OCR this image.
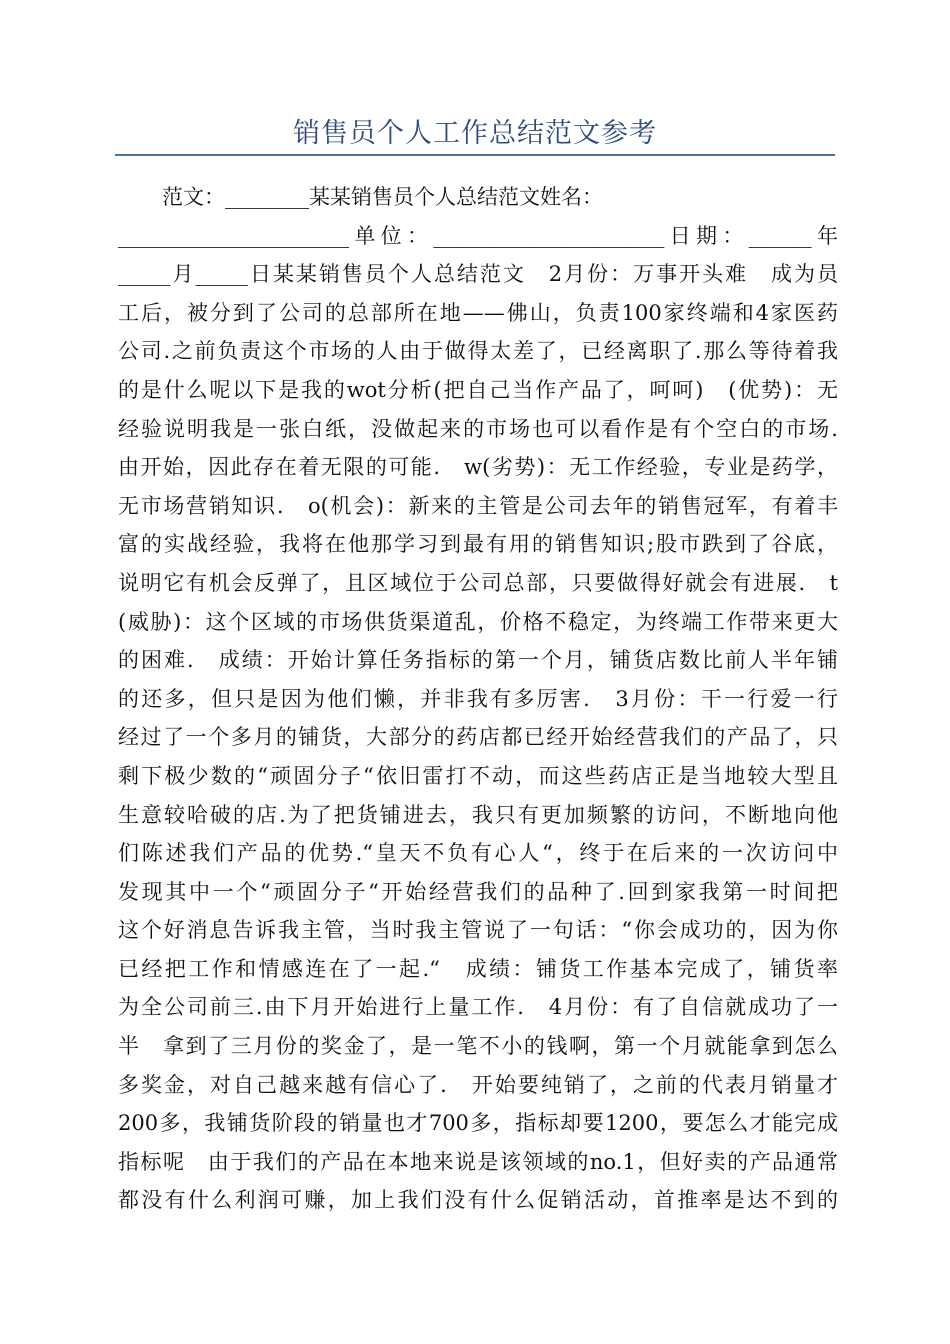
销售员个人工作总结范文参考
范文：________某某销售员个人总结范文姓名：
______________________单位：______________________日期：______年
_____月_____日某某销售员个人总结范文　2月份：万事开头难　成为员
工后，被分到了公司的总部所在地——佛山，负责100家终端和4家医药
公司.之前负责这个市场的人由于做得太差了，已经离职了.那么等待着我
的是什么呢以下是我的wot分析(把自己当作产品了，呵呵)　(优势)：无
经验说明我是一张白纸，没做起来的市场也可以看作是有个空白的市场.
由开始，因此存在着无限的可能.　w(劣势)：无工作经验，专业是药学，
无市场营销知识.　o(机会)：新来的主管是公司去年的销售冠军，有着丰
富的实战经验，我将在他那学习到最有用的销售知识;股市跌到了谷底，
说明它有机会反弹了，且区域位于公司总部，只要做得好就会有进展.　t
(威胁)：这个区域的市场供货渠道乱，价格不稳定，为终端工作带来更大
的困难.　成绩：开始计算任务指标的第一个月，铺货店数比前人半年铺
的还多，但只是因为他们懒，并非我有多厉害.　3月份：干一行爱一行
经过了一个多月的铺货，大部分的药店都已经开始经营我们的产品了，只
剩下极少数的“顽固分子“依旧雷打不动，而这些药店正是当地较大型且
生意较哈破的店.为了把货铺进去，我只有更加频繁的访问，不断地向他
们陈述我们产品的优势.“皇天不负有心人“，终于在后来的一次访问中
发现其中一个“顽固分子“开始经营我们的品种了.回到家我第一时间把
这个好消息告诉我主管，当时我主管说了一句话：“你会成功的，因为你
已经把工作和情感连在了一起.“　成绩：铺货工作基本完成了，铺货率
为全公司前三.由下月开始进行上量工作.　4月份：有了自信就成功了一
半　拿到了三月份的奖金了，是一笔不小的钱啊，第一个月就能拿到怎么
多奖金，对自己越来越有信心了.　开始要纯销了，之前的代表月销量才
200多，我铺货阶段的销量也才700多，指标却要1200，要怎么才能完成
指标呢　由于我们的产品在本地来说是该领域的no.1，但好卖的产品通常
都没有什么利润可赚，加上我们没有什么促销活动，首推率是达不到的
